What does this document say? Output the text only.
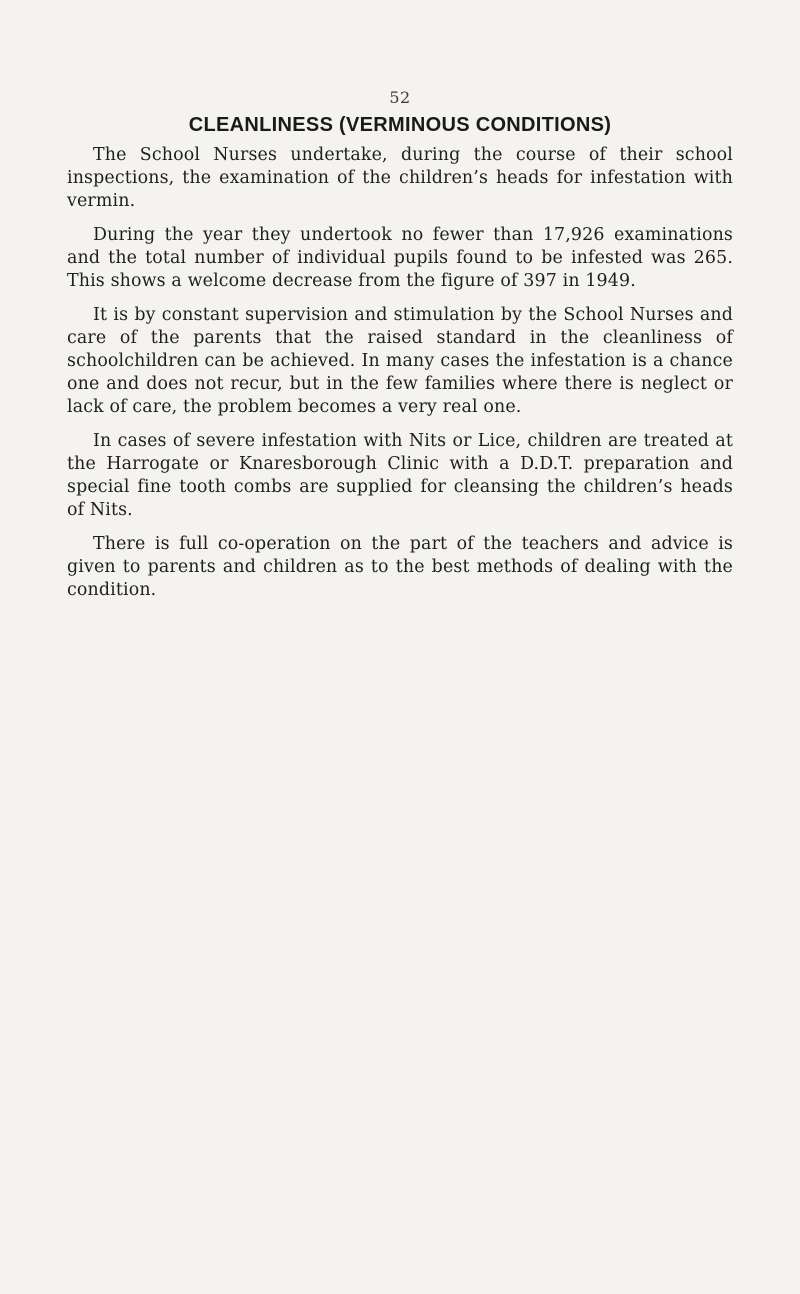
52
CLEANLINESS (VERMINOUS CONDITIONS)

The School Nurses undertake, during the course of their school inspections, the examination of the children’s heads for infestation with vermin.

During the year they undertook no fewer than 17,926 examinations and the total number of individual pupils found to be infested was 265. This shows a welcome decrease from the figure of 397 in 1949.

It is by constant supervision and stimulation by the School Nurses and care of the parents that the raised standard in the cleanliness of schoolchildren can be achieved. In many cases the infestation is a chance one and does not recur, but in the few families where there is neglect or lack of care, the problem becomes a very real one.

In cases of severe infestation with Nits or Lice, children are treated at the Harrogate or Knaresborough Clinic with a D.D.T. preparation and special fine tooth combs are supplied for cleansing the children’s heads of Nits.

There is full co-operation on the part of the teachers and advice is given to parents and children as to the best methods of dealing with the condition.
